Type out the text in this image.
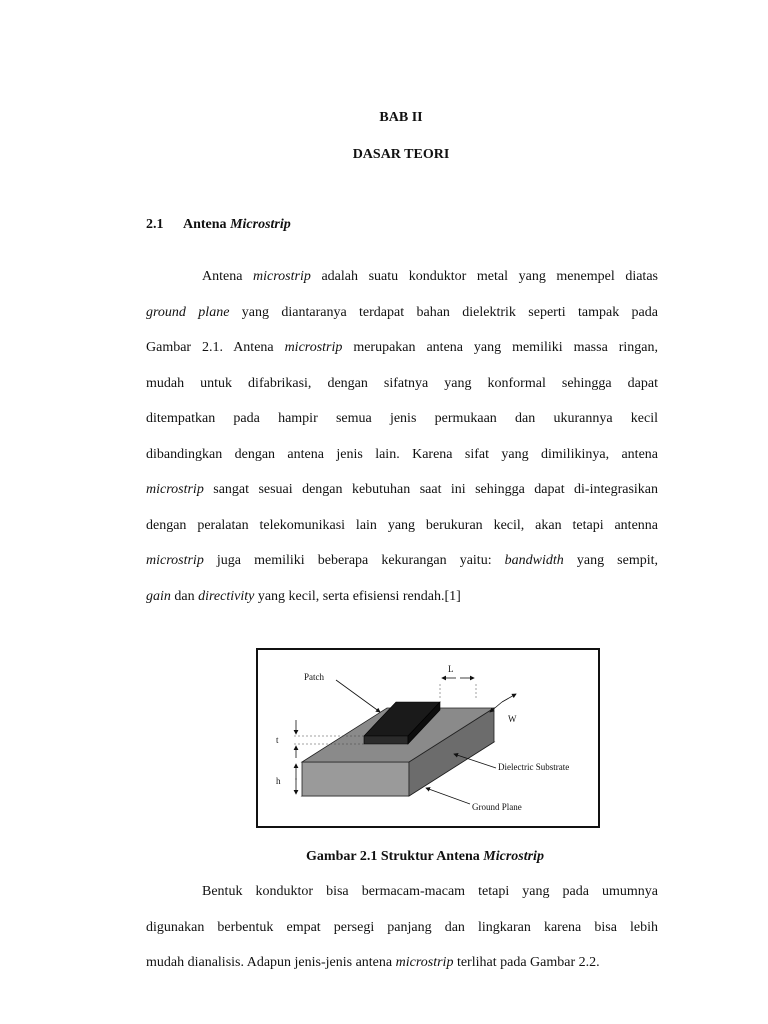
BAB II
DASAR TEORI
2.1 Antena Microstrip
Antena microstrip adalah suatu konduktor metal yang menempel diatas
ground plane yang diantaranya terdapat bahan dielektrik seperti tampak pada
Gambar 2.1. Antena microstrip merupakan antena yang memiliki massa ringan,
mudah untuk difabrikasi, dengan sifatnya yang konformal sehingga dapat
ditempatkan pada hampir semua jenis permukaan dan ukurannya kecil
dibandingkan dengan antena jenis lain. Karena sifat yang dimilikinya, antena
microstrip sangat sesuai dengan kebutuhan saat ini sehingga dapat di-integrasikan
dengan peralatan telekomunikasi lain yang berukuran kecil, akan tetapi antenna
microstrip juga memiliki beberapa kekurangan yaitu: bandwidth yang sempit,
gain dan directivity yang kecil, serta efisiensi rendah.[1]
t
h
L
W
Patch
Dielectric Substrate
Ground Plane
Gambar 2.1 Struktur Antena Microstrip
Bentuk konduktor bisa bermacam-macam tetapi yang pada umumnya
digunakan berbentuk empat persegi panjang dan lingkaran karena bisa lebih
mudah dianalisis. Adapun jenis-jenis antena microstrip terlihat pada Gambar 2.2.
